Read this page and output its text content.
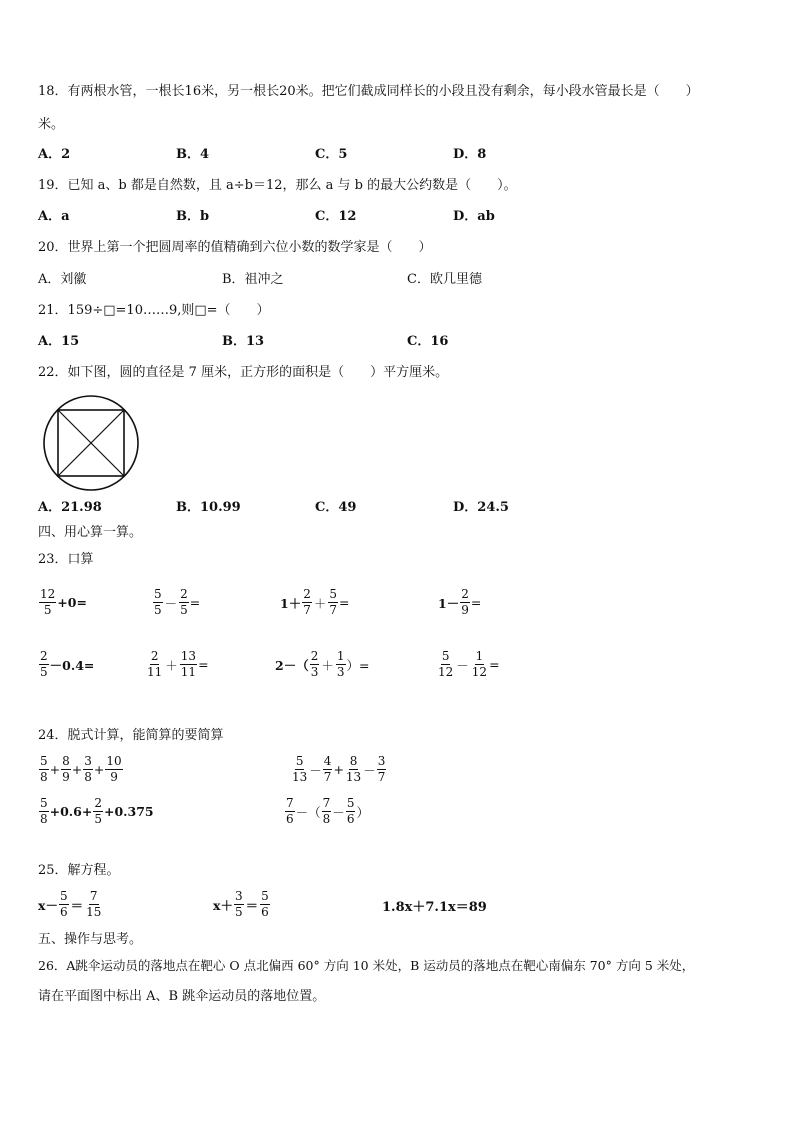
18．有两根水管，一根长16米，另一根长20米。把它们截成同样长的小段且没有剩余，每小段水管最长是（　　）
米。
A．2	B．4	C．5	D．8
19．已知 a、b 都是自然数，且 a÷b＝12，那么 a 与 b 的最大公约数是（　　）。
A．a	B．b	C．12	D．ab
20．世界上第一个把圆周率的值精确到六位小数的数学家是（　　）
A．刘徽	B．祖冲之	C．欧几里德
21．159÷□=10……9,则□=（　　）
A．15	B．13	C．16
22．如下图，圆的直径是 7 厘米，正方形的面积是（　　）平方厘米。
A．21.98	B．10.99	C．49	D．24.5
四、用心算一算。
23．口算
$\frac{12}{5} +0=$	$\frac{5}{5} - \frac{2}{5}$ =	$1+ \frac{2}{7} + \frac{5}{7}$ =	$1- \frac{2}{9}$ =
$\frac{2}{5} -0.4=$	$\frac{2}{11} + \frac{13}{11}$ =	$2-( \frac{2}{3} + \frac{1}{3}$ ）=	$\frac{5}{12} - \frac{1}{12}$ =
24．脱式计算，能简算的要简算
$\frac{5}{8} + \frac{8}{9} + \frac{3}{8} + \frac{10}{9}$	$\frac{5}{13} - \frac{4}{7} + \frac{8}{13} - \frac{3}{7}$
$\frac{5}{8} +0.6+ \frac{2}{5} +0.375$	$\frac{7}{6}$ －（ $\frac{7}{8} - \frac{5}{6}$ ）
25．解方程。
$x- \frac{5}{6} = \frac{7}{15}$	$x+ \frac{3}{5} = \frac{5}{6}$	1.8x＋7.1x＝89
五、操作与思考。
26．A跳伞运动员的落地点在靶心 O 点北偏西 60° 方向 10 米处，B 运动员的落地点在靶心南偏东 70° 方向 5 米处，
请在平面图中标出 A、B 跳伞运动员的落地位置。
